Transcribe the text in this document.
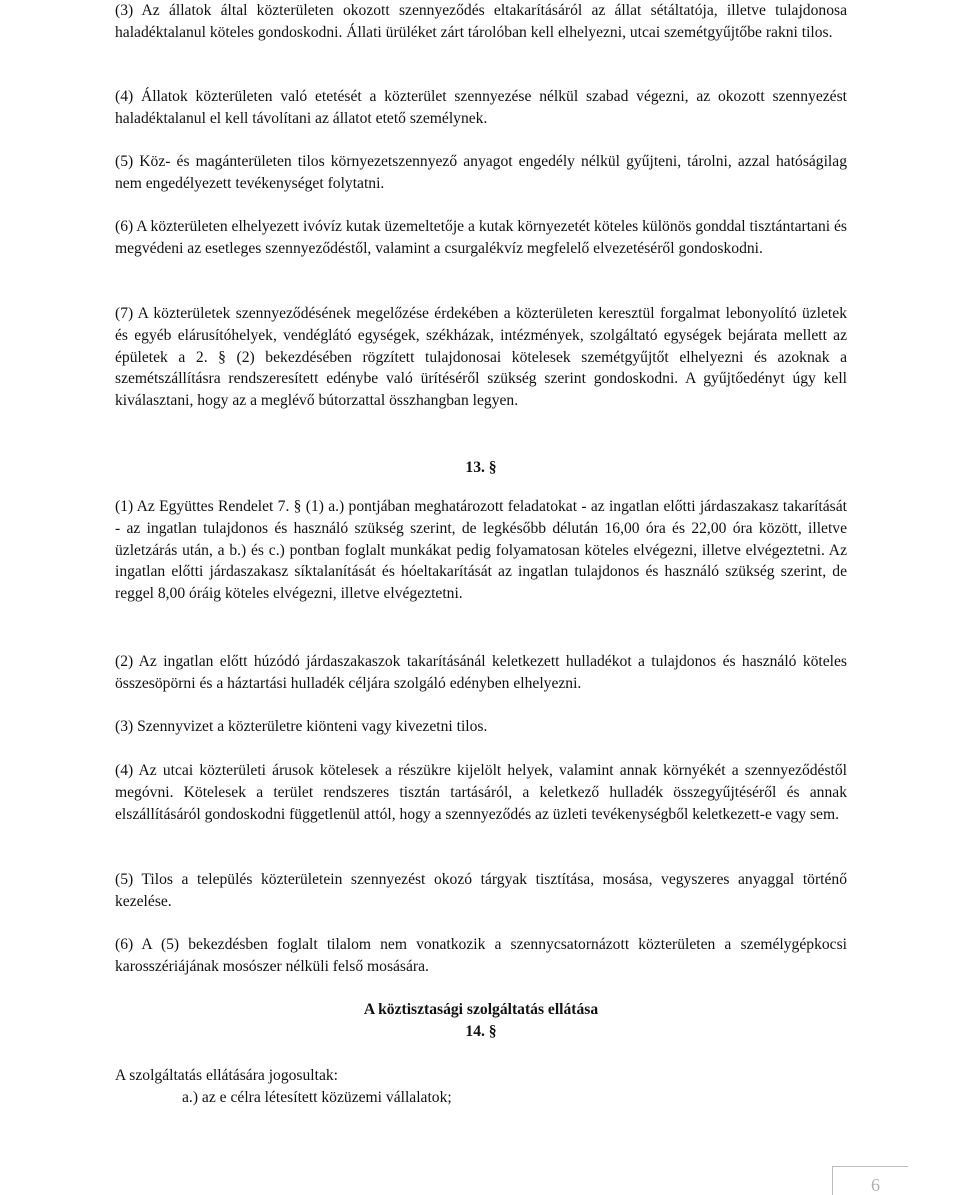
(3) Az állatok által közterületen okozott szennyeződés eltakarításáról az állat sétáltatója, illetve tulajdonosa haladéktalanul köteles gondoskodni. Állati ürüléket zárt tárolóban kell elhelyezni, utcai szemétgyűjtőbe rakni tilos.

(4) Állatok közterületen való etetését a közterület szennyezése nélkül szabad végezni, az okozott szennyezést haladéktalanul el kell távolítani az állatot etető személynek.

(5) Köz- és magánterületen tilos környezetszennyező anyagot engedély nélkül gyűjteni, tárolni, azzal hatóságilag nem engedélyezett tevékenységet folytatni.

(6) A közterületen elhelyezett ivóvíz kutak üzemeltetője a kutak környezetét köteles különös gonddal tisztántartani és megvédeni az esetleges szennyeződéstől, valamint a csurgalékvíz megfelelő elvezetéséről gondoskodni.

(7) A közterületek szennyeződésének megelőzése érdekében a közterületen keresztül forgalmat lebonyolító üzletek és egyéb elárusítóhelyek, vendéglátó egységek, székházak, intézmények, szolgáltató egységek bejárata mellett az épületek a 2. § (2) bekezdésében rögzített tulajdonosai kötelesek szemétgyűjtőt elhelyezni és azoknak a szemétszállításra rendszeresített edénybe való ürítéséről szükség szerint gondoskodni. A gyűjtőedényt úgy kell kiválasztani, hogy az a meglévő bútorzattal összhangban legyen.

13. §

(1) Az Együttes Rendelet 7. § (1) a.) pontjában meghatározott feladatokat - az ingatlan előtti járdaszakasz takarítását - az ingatlan tulajdonos és használó szükség szerint, de legkésőbb délután 16,00 óra és 22,00 óra között, illetve üzletzárás után, a b.) és c.) pontban foglalt munkákat pedig folyamatosan köteles elvégezni, illetve elvégeztetni. Az ingatlan előtti járdaszakasz síktalanítását és hóeltakarítását az ingatlan tulajdonos és használó szükség szerint, de reggel 8,00 óráig köteles elvégezni, illetve elvégeztetni.

(2) Az ingatlan előtt húzódó járdaszakaszok takarításánál keletkezett hulladékot a tulajdonos és használó köteles összesöpörni és a háztartási hulladék céljára szolgáló edényben elhelyezni.

(3) Szennyvizet a közterületre kiönteni vagy kivezetni tilos.

(4) Az utcai közterületi árusok kötelesek a részükre kijelölt helyek, valamint annak környékét a szennyeződéstől megóvni. Kötelesek a terület rendszeres tisztán tartásáról, a keletkező hulladék összegyűjtéséről és annak elszállításáról gondoskodni függetlenül attól, hogy a szennyeződés az üzleti tevékenységből keletkezett-e vagy sem.

(5) Tilos a település közterületein szennyezést okozó tárgyak tisztítása, mosása, vegyszeres anyaggal történő kezelése.

(6) A (5) bekezdésben foglalt tilalom nem vonatkozik a szennycsatornázott közterületen a személygépkocsi karosszériájának mosószer nélküli felső mosására.

A köztisztasági szolgáltatás ellátása
14. §
A szolgáltatás ellátására jogosultak:
a.) az e célra létesített közüzemi vállalatok;
6
